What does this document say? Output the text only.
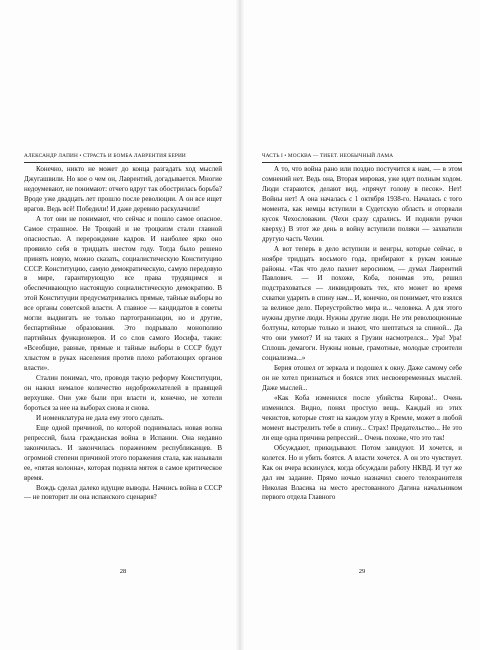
АЛЕКСАНДР ЛАПИН • СТРАСТЬ И БОМБА ЛАВРЕНТИЯ БЕРИИ

Конечно, никто не может до конца разгадать ход мыслей Джугашвили. Но кое о чем он, Лаврентий, догадывается. Многие недоумевают, не понимают: отчего вдруг так обострилась борьба? Вроде уже двадцать лет прошло после революции. А он все ищет врагов. Ведь всё! Победили! И даже деревню раскулачили!

А тот они не понимают, что сейчас и пошло самое опасное. Самое страшное. Не Троцкий и не троцкизм стали главной опасностью. А перерождение кадров. И наиболее ярко оно проявило себя в тридцать шестом году. Тогда было решено принять новую, можно сказать, социалистическую Конституцию СССР. Конституцию, самую демократическую, самую передовую в мире, гарантирующую все права трудящимся и обеспечивающую настоящую социалистическую демократию. В этой Конституции предусматривались прямые, тайные выборы во все органы советской власти. А главное — кандидатов в советы могли выдвигать не только партогранизации, но и другие, беспартийные образования. Это подрывало монополию партийных функционеров. И со слов самого Иосифа, такие: «Всеобщие, равные, прямые и тайные выборы в СССР будут хлыстом в руках населения против плохо работающих органов власти».

Сталин понимал, что, проводя такую реформу Конституции, он нажил немалое количество недоброжелателей в правящей верхушке. Они уже были при власти и, конечно, не хотели бороться за нее на выборах снова и снова.

И номенклатура не дала ему этого сделать.

Еще одной причиной, по которой поднималась новая волна репрессий, была гражданская война в Испании. Она недавно закончилась. И закончилась поражением республиканцев. В огромной степени причиной этого поражения стала, как называли ее, «пятая колонна», которая подняла мятеж в самое критическое время.

Вождь сделал далеко идущие выводы. Начнись война в СССР — не повторит ли она испанского сценария?

28
ЧАСТЬ I • МОСКВА — ТИБЕТ. НЕОБЫЧНЫЙ ЛАМА

А то, что война рано или поздно постучится к нам, — в этом сомнений нет. Ведь она, Вторая мировая, уже идет полным ходом. Люди стараются, делают вид, «прячут голову в песок». Нет! Войны нет! А она началась с 1 октября 1938-го. Началась с того момента, как немцы вступили в Судетскую область и оторвали кусок Чехословакии. (Чехи сразу сдрались. И подняли ручки кверху.) В этот же день в войну вступили поляки — захватили другую часть Чехии.

А вот теперь в дело вступили и венгры, которые сейчас, в ноябре тридцать восьмого года, прибирают к рукам южные районы. «Так что дело пахнет керосином, — думал Лаврентий Павлович. — И похоже, Коба, понимая это, решил подстраховаться — ликвидировать тех, кто может во время схватки ударить в спину нам... И, конечно, он понимает, что взялся за великое дело. Переустройство мира и... человека. А для этого нужны другие люди. Нужны другие люди. Не эти революционные болтуны, которые только и знают, что шептаться за спиной... Да что они умеют? И на таких я Грузии насмотрелся... Ура! Ура! Сплошь демагоги. Нужны новые, грамотные, молодые строители социализма...»

Берия отошел от зеркала и подошел к окну. Даже самому себе он не хотел признаться и боялся этих несвоевременных мыслей. Даже мыслей...

«Как Коба изменился после убийства Кирова!.. Очень изменился. Видно, понял простую вещь. Каждый из этих чекистов, которые стоят на каждом углу в Кремле, может в любой момент выстрелить тебе в спину... Страх! Предательство... Не это ли еще одна причина репрессий... Очень похоже, что это так!

Обсуждают, прикидывают. Потом завидуют. И хочется, и колется. Но и убить боятся. А власти хочется. А он это чувствует. Как он вчера вскинулся, когда обсуждали работу НКВД. И тут же дал им задание. Прямо ночью назначил своего телохранителя Николая Власика на место арестованного Дагина начальником первого отдела Главного

29
